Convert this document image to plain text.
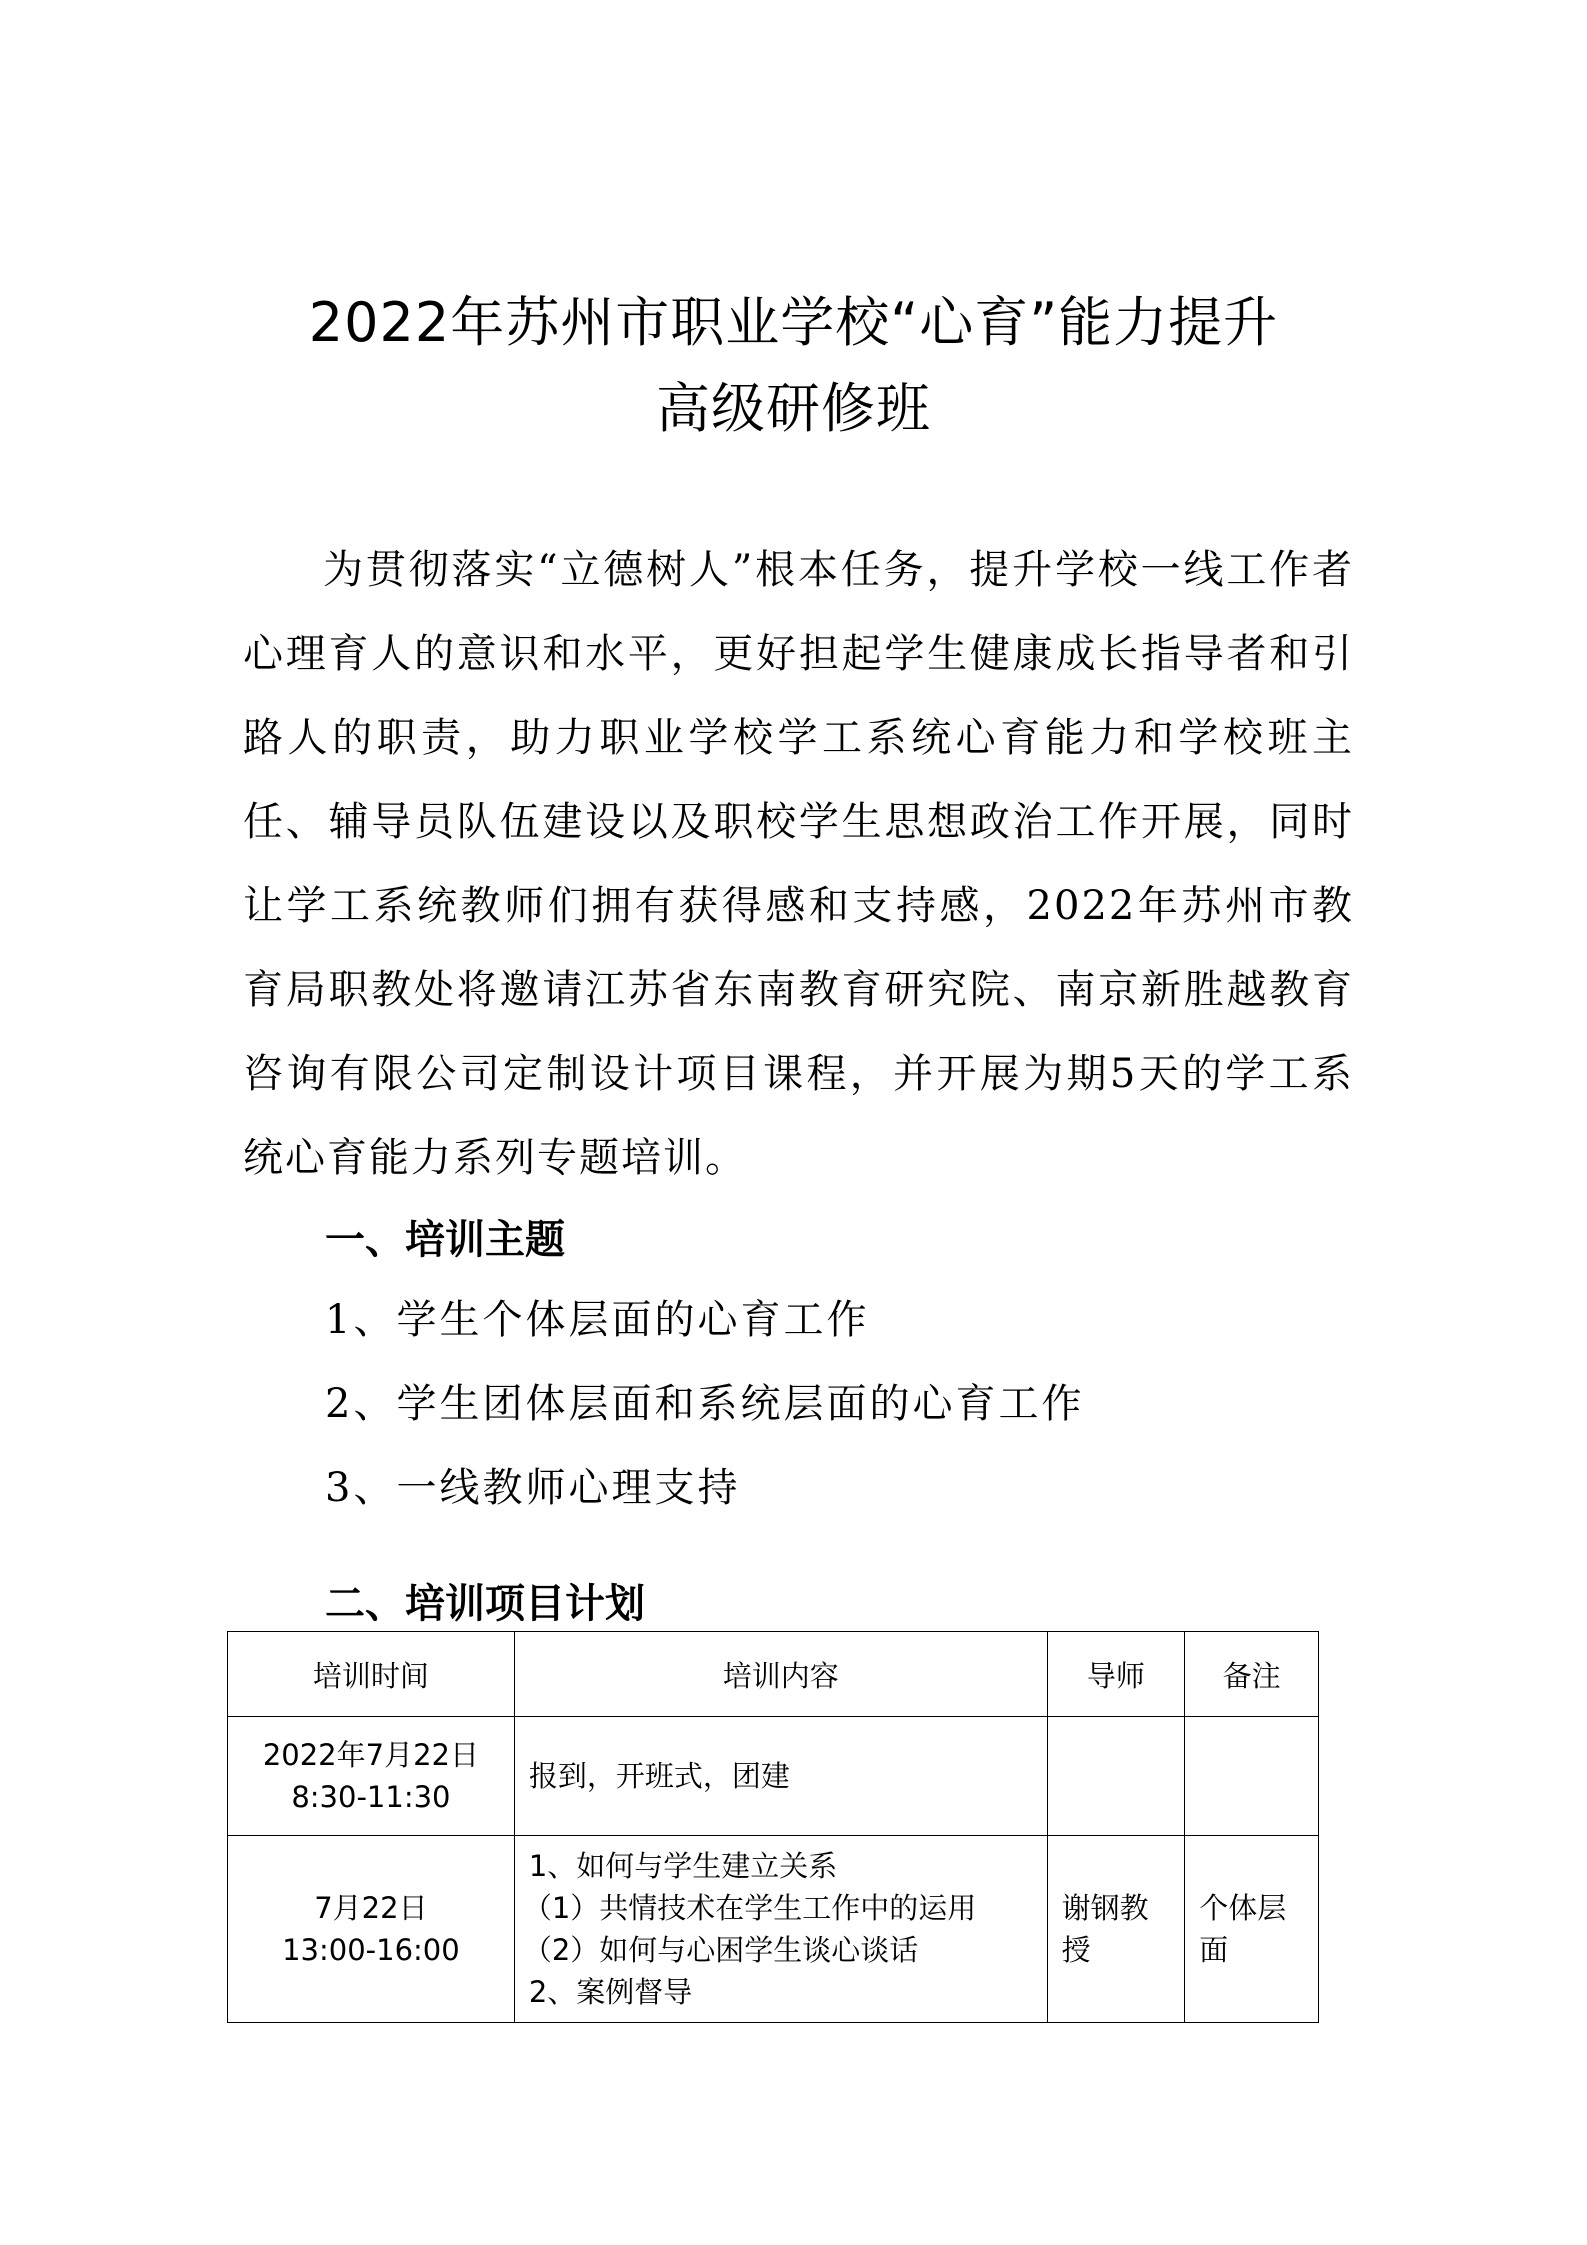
2022年苏州市职业学校“心育”能力提升
高级研修班

为贯彻落实“立德树人”根本任务，提升学校一线工作者心理育人的意识和水平，更好担起学生健康成长指导者和引路人的职责，助力职业学校学工系统心育能力和学校班主任、辅导员队伍建设以及职校学生思想政治工作开展，同时让学工系统教师们拥有获得感和支持感，2022年苏州市教育局职教处将邀请江苏省东南教育研究院、南京新胜越教育咨询有限公司定制设计项目课程，并开展为期5天的学工系统心育能力系列专题培训。

一、培训主题
1、学生个体层面的心育工作
2、学生团体层面和系统层面的心育工作
3、一线教师心理支持
二、培训项目计划
培训时间	培训内容	导师	备注

2022年7月22日
8:30-11:30	报到，开班式，团建		

7月22日
13:00-16:00	1、如何与学生建立关系
（1）共情技术在学生工作中的运用
（2）如何与心困学生谈心谈话
2、案例督导	谢钢教授	个体层面
